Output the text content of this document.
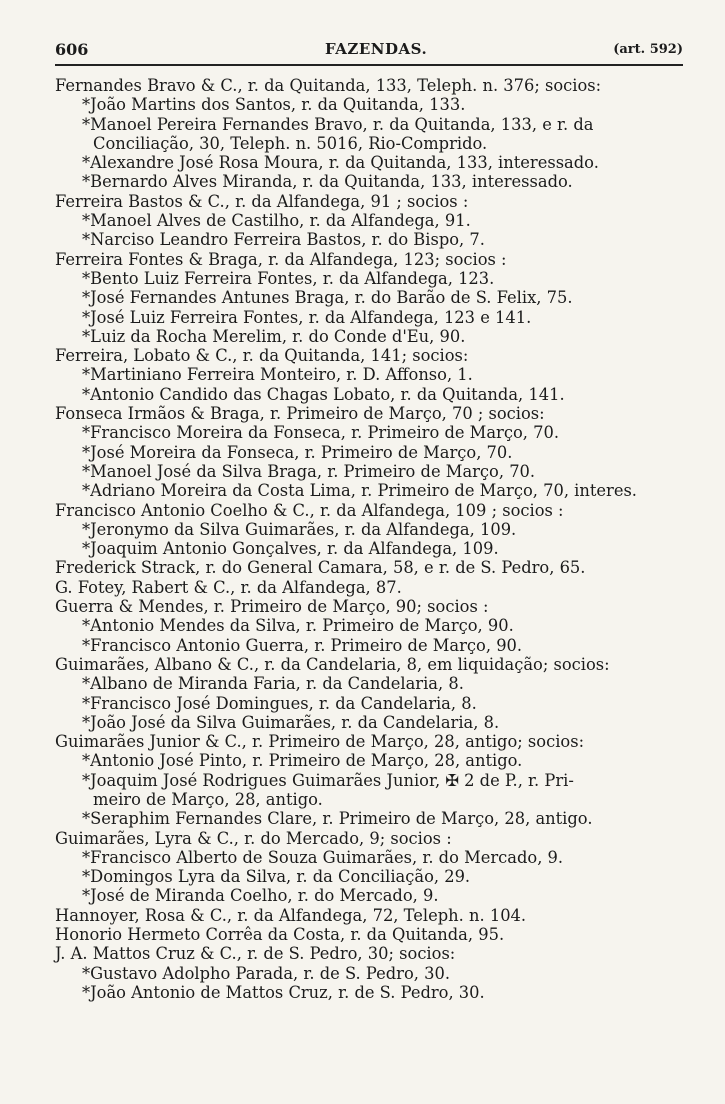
606	FAZENDAS.	(art. 592)
Fernandes Bravo & C., r. da Quitanda, 133, Teleph. n. 376; socios:
*João Martins dos Santos, r. da Quitanda, 133.
*Manoel Pereira Fernandes Bravo, r. da Quitanda, 133, e r. da
Conciliação, 30, Teleph. n. 5016, Rio-Comprido.
*Alexandre José Rosa Moura, r. da Quitanda, 133, interessado.
*Bernardo Alves Miranda, r. da Quitanda, 133, interessado.
Ferreira Bastos & C., r. da Alfandega, 91 ; socios :
*Manoel Alves de Castilho, r. da Alfandega, 91.
*Narciso Leandro Ferreira Bastos, r. do Bispo, 7.
Ferreira Fontes & Braga, r. da Alfandega, 123; socios :
*Bento Luiz Ferreira Fontes, r. da Alfandega, 123.
*José Fernandes Antunes Braga, r. do Barão de S. Felix, 75.
*José Luiz Ferreira Fontes, r. da Alfandega, 123 e 141.
*Luiz da Rocha Merelim, r. do Conde d'Eu, 90.
Ferreira, Lobato & C., r. da Quitanda, 141; socios:
*Martiniano Ferreira Monteiro, r. D. Affonso, 1.
*Antonio Candido das Chagas Lobato, r. da Quitanda, 141.
Fonseca Irmãos & Braga, r. Primeiro de Março, 70 ; socios:
*Francisco Moreira da Fonseca, r. Primeiro de Março, 70.
*José Moreira da Fonseca, r. Primeiro de Março, 70.
*Manoel José da Silva Braga, r. Primeiro de Março, 70.
*Adriano Moreira da Costa Lima, r. Primeiro de Março, 70, interes.
Francisco Antonio Coelho & C., r. da Alfandega, 109 ; socios :
*Jeronymo da Silva Guimarães, r. da Alfandega, 109.
*Joaquim Antonio Gonçalves, r. da Alfandega, 109.
Frederick Strack, r. do General Camara, 58, e r. de S. Pedro, 65.
G. Fotey, Rabert & C., r. da Alfandega, 87.
Guerra & Mendes, r. Primeiro de Março, 90; socios :
*Antonio Mendes da Silva, r. Primeiro de Março, 90.
*Francisco Antonio Guerra, r. Primeiro de Março, 90.
Guimarães, Albano & C., r. da Candelaria, 8, em liquidação; socios:
*Albano de Miranda Faria, r. da Candelaria, 8.
*Francisco José Domingues, r. da Candelaria, 8.
*João José da Silva Guimarães, r. da Candelaria, 8.
Guimarães Junior & C., r. Primeiro de Março, 28, antigo; socios:
*Antonio José Pinto, r. Primeiro de Março, 28, antigo.
*Joaquim José Rodrigues Guimarães Junior, ✠ 2 de P., r. Pri-
meiro de Março, 28, antigo.
*Seraphim Fernandes Clare, r. Primeiro de Março, 28, antigo.
Guimarães, Lyra & C., r. do Mercado, 9; socios :
*Francisco Alberto de Souza Guimarães, r. do Mercado, 9.
*Domingos Lyra da Silva, r. da Conciliação, 29.
*José de Miranda Coelho, r. do Mercado, 9.
Hannoyer, Rosa & C., r. da Alfandega, 72, Teleph. n. 104.
Honorio Hermeto Corrêa da Costa, r. da Quitanda, 95.
J. A. Mattos Cruz & C., r. de S. Pedro, 30; socios:
*Gustavo Adolpho Parada, r. de S. Pedro, 30.
*João Antonio de Mattos Cruz, r. de S. Pedro, 30.
